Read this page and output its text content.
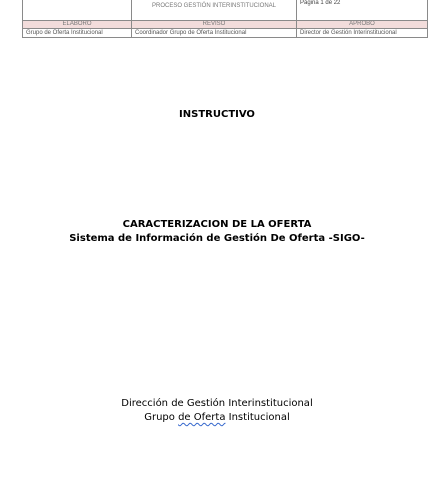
	PROCESO GESTIÓN INTERINSTITUCIONAL	Página 1 de 22
ELABORÓ	REVISÓ	APROBÓ
Grupo de Oferta Institucional	Coordinador Grupo de Oferta Institucional	Director de Gestión Interinstitucional
INSTRUCTIVO
CARACTERIZACION DE LA OFERTA
Sistema de Información de Gestión De Oferta -SIGO-
Dirección de Gestión Interinstitucional
Grupo de Oferta Institucional
